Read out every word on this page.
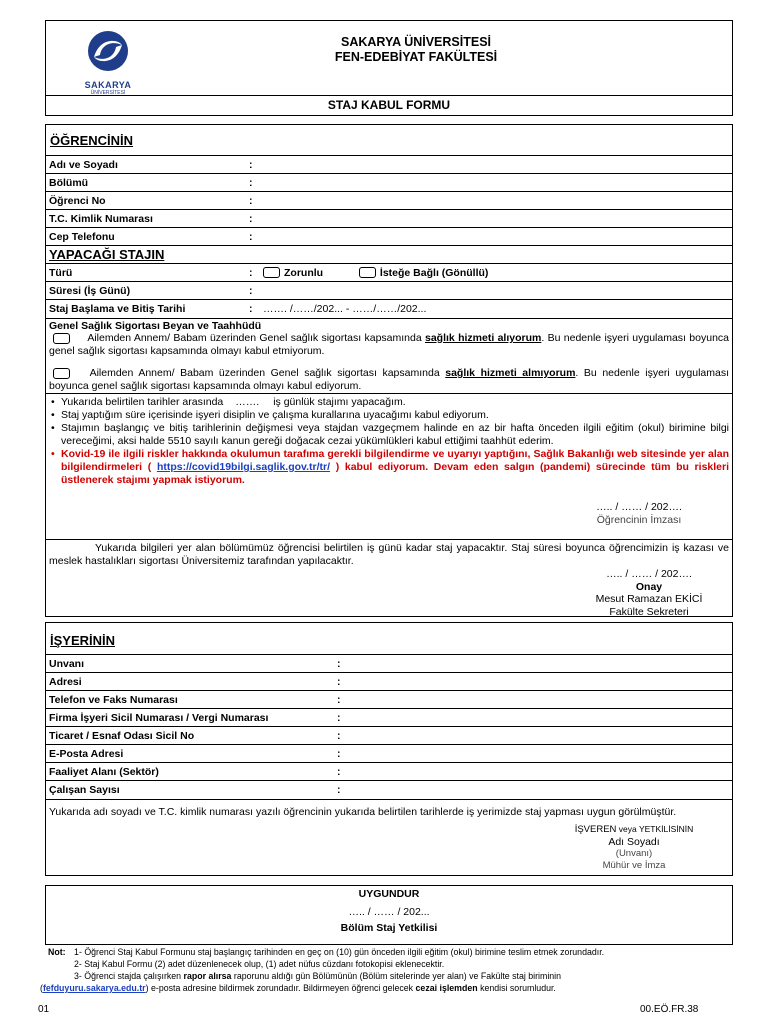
SAKARYA
ÜNİVERSİTESİ
SAKARYA ÜNİVERSİTESİ
FEN-EDEBİYAT FAKÜLTESİ
STAJ KABUL FORMU
ÖĞRENCİNİN
Adı ve Soyadı	:	
Bölümü	:	
Öğrenci No	:	
T.C. Kimlik Numarası	:	
Cep Telefonu	:	
YAPACAĞI STAJIN		
Türü	:	Zorunlu İsteğe Bağlı (Gönüllü)
Süresi (İş Günü)	:	
Staj Başlama ve Bitiş Tarihi	:	……. /……/202... - ……/……/202...
Genel Sağlık Sigortası Beyan ve Taahhüdü
Ailemden Annem/ Babam üzerinden Genel sağlık sigortası kapsamında sağlık hizmeti alıyorum. Bu nedenle işyeri uygulaması boyunca genel sağlık sigortası kapsamında olmayı kabul etmiyorum.
Ailemden Annem/ Babam üzerinden Genel sağlık sigortası kapsamında sağlık hizmeti almıyorum. Bu nedenle işyeri uygulaması boyunca genel sağlık sigortası kapsamında olmayı kabul ediyorum.
• Yukarıda belirtilen tarihler arasında ……. iş günlük stajımı yapacağım.
• Staj yaptığım süre içerisinde işyeri disiplin ve çalışma kurallarına uyacağımı kabul ediyorum.
• Stajımın başlangıç ve bitiş tarihlerinin değişmesi veya stajdan vazgeçmem halinde en az bir hafta önceden ilgili eğitim (okul) birimine bilgi vereceğimi, aksi halde 5510 sayılı kanun gereği doğacak cezai yükümlükleri kabul ettiğimi taahhüt ederim.
• Kovid-19 ile ilgili riskler hakkında okulumun tarafıma gerekli bilgilendirme ve uyarıyı yaptığını, Sağlık Bakanlığı web sitesinde yer alan bilgilendirmeleri ( https://covid19bilgi.saglik.gov.tr/tr/ ) kabul ediyorum. Devam eden salgın (pandemi) sürecinde tüm bu riskleri üstlenerek stajımı yapmak istiyorum.
….. / …… / 202….
Öğrencinin İmzası
Yukarıda bilgileri yer alan bölümümüz öğrencisi belirtilen iş günü kadar staj yapacaktır. Staj süresi boyunca öğrencimizin iş kazası ve meslek hastalıkları sigortası Üniversitemiz tarafından yapılacaktır.
….. / …… / 202….
Onay
Mesut Ramazan EKİCİ
Fakülte Sekreteri
İŞYERİNİN
Unvanı	:	
Adresi	:	
Telefon ve Faks Numarası	:	
Firma İşyeri Sicil Numarası / Vergi Numarası	:	
Ticaret / Esnaf Odası Sicil No	:	
E-Posta Adresi	:	
Faaliyet Alanı (Sektör)	:	
Çalışan Sayısı	:	
Yukarıda adı soyadı ve T.C. kimlik numarası yazılı öğrencinin yukarıda belirtilen tarihlerde iş yerimizde staj yapması uygun görülmüştür.
İŞVEREN veya YETKİLİSİNİN
Adı Soyadı
(Unvanı)
Mühür ve İmza
UYGUNDUR
….. / …… / 202...
Bölüm Staj Yetkilisi
Not: 1- Öğrenci Staj Kabul Formunu staj başlangıç tarihinden en geç on (10) gün önceden ilgili eğitim (okul) birimine teslim etmek zorundadır.
2- Staj Kabul Formu (2) adet düzenlenecek olup, (1) adet nüfus cüzdanı fotokopisi eklenecektir.
3- Öğrenci stajda çalışırken rapor alırsa raporunu aldığı gün Bölümünün (Bölüm sitelerinde yer alan) ve Fakülte staj biriminin
(fefduyuru.sakarya.edu.tr) e-posta adresine bildirmek zorundadır. Bildirmeyen öğrenci gelecek cezai işlemden kendisi sorumludur.
01	00.EÖ.FR.38
